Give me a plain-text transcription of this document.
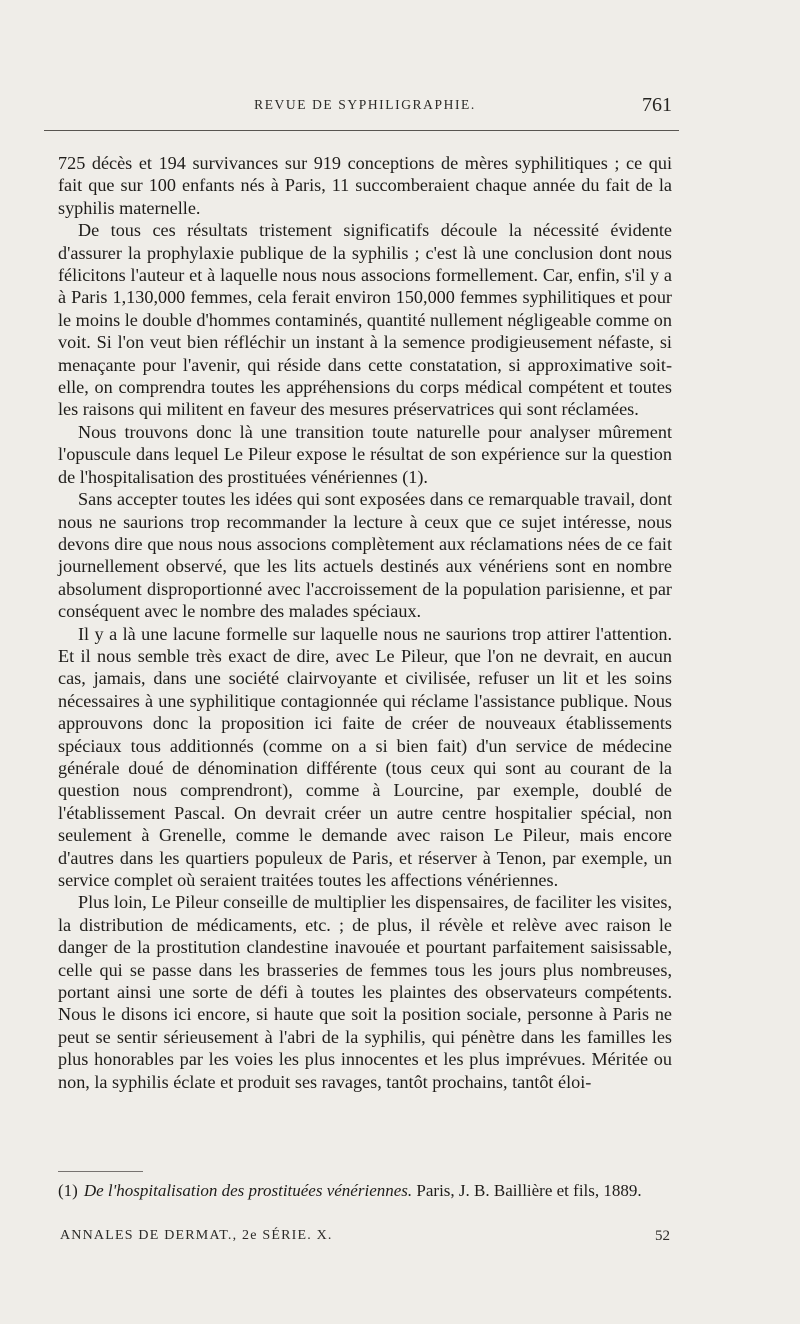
REVUE DE SYPHILIGRAPHIE.	761

725 décès et 194 survivances sur 919 conceptions de mères syphilitiques ; ce qui fait que sur 100 enfants nés à Paris, 11 succomberaient chaque année du fait de la syphilis maternelle.

De tous ces résultats tristement significatifs découle la nécessité évidente d'assurer la prophylaxie publique de la syphilis ; c'est là une conclusion dont nous félicitons l'auteur et à laquelle nous nous associons formellement. Car, enfin, s'il y a à Paris 1,130,000 femmes, cela ferait environ 150,000 femmes syphilitiques et pour le moins le double d'hommes contaminés, quantité nullement négligeable comme on voit. Si l'on veut bien réfléchir un instant à la semence prodigieusement néfaste, si menaçante pour l'avenir, qui réside dans cette constatation, si approximative soit-elle, on comprendra toutes les appréhensions du corps médical compétent et toutes les raisons qui militent en faveur des mesures préservatrices qui sont réclamées.

Nous trouvons donc là une transition toute naturelle pour analyser mûrement l'opuscule dans lequel Le Pileur expose le résultat de son expérience sur la question de l'hospitalisation des prostituées vénériennes (1).

Sans accepter toutes les idées qui sont exposées dans ce remarquable travail, dont nous ne saurions trop recommander la lecture à ceux que ce sujet intéresse, nous devons dire que nous nous associons complètement aux réclamations nées de ce fait journellement observé, que les lits actuels destinés aux vénériens sont en nombre absolument disproportionné avec l'accroissement de la population parisienne, et par conséquent avec le nombre des malades spéciaux.

Il y a là une lacune formelle sur laquelle nous ne saurions trop attirer l'attention. Et il nous semble très exact de dire, avec Le Pileur, que l'on ne devrait, en aucun cas, jamais, dans une société clairvoyante et civilisée, refuser un lit et les soins nécessaires à une syphilitique contagionnée qui réclame l'assistance publique. Nous approuvons donc la proposition ici faite de créer de nouveaux établissements spéciaux tous additionnés (comme on a si bien fait) d'un service de médecine générale doué de dénomination différente (tous ceux qui sont au courant de la question nous comprendront), comme à Lourcine, par exemple, doublé de l'établissement Pascal. On devrait créer un autre centre hospitalier spécial, non seulement à Grenelle, comme le demande avec raison Le Pileur, mais encore d'autres dans les quartiers populeux de Paris, et réserver à Tenon, par exemple, un service complet où seraient traitées toutes les affections vénériennes.

Plus loin, Le Pileur conseille de multiplier les dispensaires, de faciliter les visites, la distribution de médicaments, etc. ; de plus, il révèle et relève avec raison le danger de la prostitution clandestine inavouée et pourtant parfaitement saisissable, celle qui se passe dans les brasseries de femmes tous les jours plus nombreuses, portant ainsi une sorte de défi à toutes les plaintes des observateurs compétents. Nous le disons ici encore, si haute que soit la position sociale, personne à Paris ne peut se sentir sérieusement à l'abri de la syphilis, qui pénètre dans les familles les plus honorables par les voies les plus innocentes et les plus imprévues. Méritée ou non, la syphilis éclate et produit ses ravages, tantôt prochains, tantôt éloi-

(1) De l'hospitalisation des prostituées vénériennes. Paris, J. B. Baillière et fils, 1889.
ANNALES DE DERMAT., 2e SÉRIE. X.	52
